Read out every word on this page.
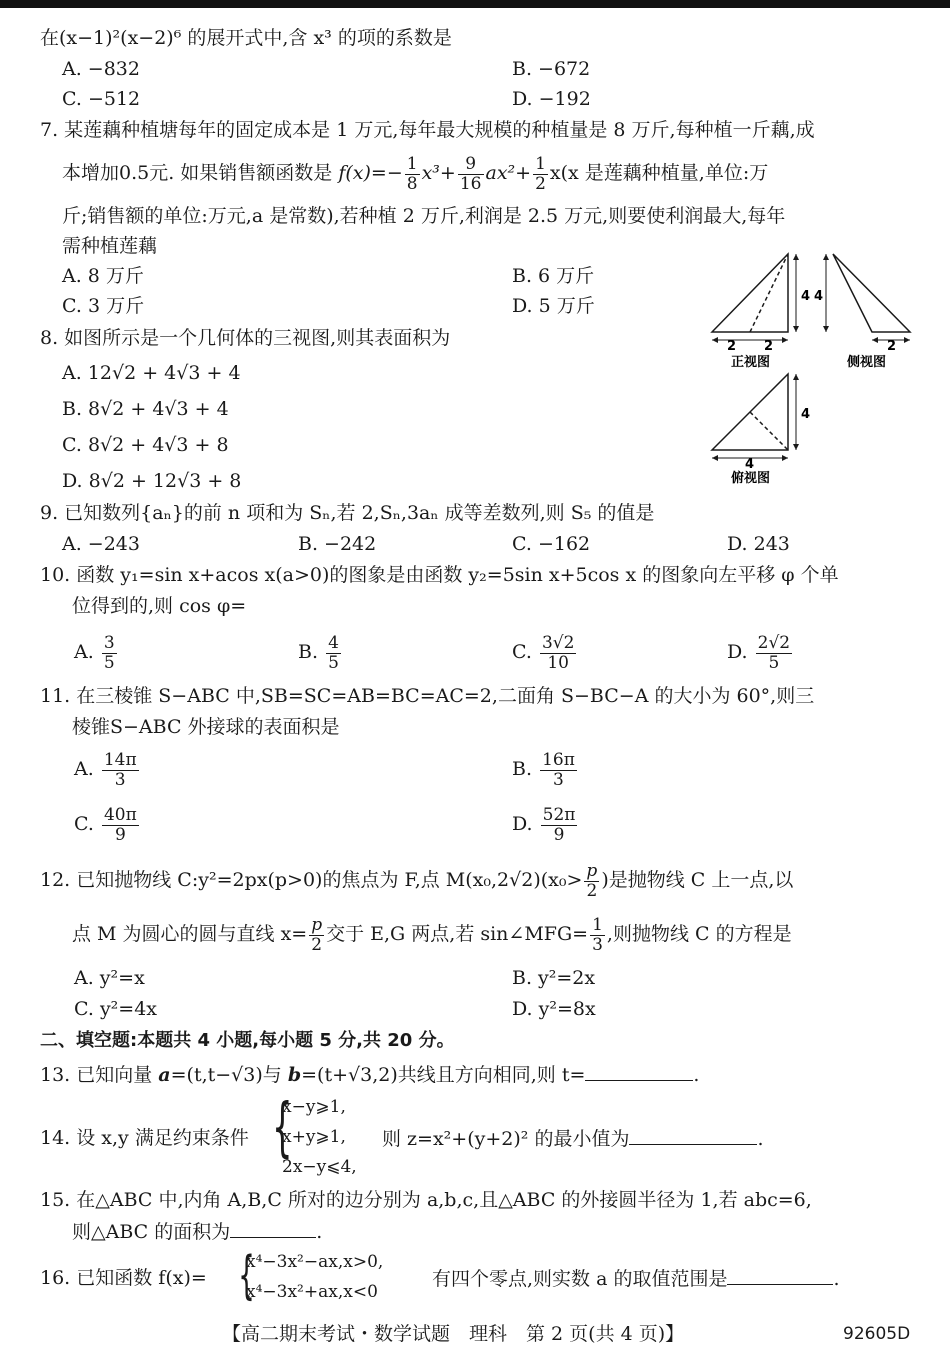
在(x−1)²(x−2)⁶ 的展开式中,含 x³ 的项的系数是
A. −832	B. −672
C. −512	D. −192
7. 某莲藕种植塘每年的固定成本是 1 万元,每年最大规模的种植量是 8 万斤,每种植一斤藕,成
本增加0.5元. 如果销售额函数是 $f(x)=- \frac{1}{8} x^3+ \frac{9}{16} ax^2+ \frac{1}{2} x(x$ 是莲藕种植量,单位:万
斤;销售额的单位:万元,a 是常数),若种植 2 万斤,利润是 2.5 万元,则要使利润最大,每年
需种植莲藕
A. 8 万斤	B. 6 万斤
C. 3 万斤	D. 5 万斤
8. 如图所示是一个几何体的三视图,则其表面积为
A. 12√2 + 4√3 + 4
B. 8√2 + 4√3 + 4
C. 8√2 + 4√3 + 8
D. 8√2 + 12√3 + 8
2 2
4
正视图
4
2
侧视图
4
4
俯视图
9. 已知数列{aₙ}的前 n 项和为 Sₙ,若 2,Sₙ,3aₙ 成等差数列,则 S₅ 的值是
A. −243	B. −242	C. −162	D. 243
10. 函数 y₁=sin x+acos x(a>0)的图象是由函数 y₂=5sin x+5cos x 的图象向左平移 φ 个单
位得到的,则 cos φ=
A. $\frac{3}{5}$	B. $\frac{4}{5}$	C. $\frac{3√2}{10}$	D. $\frac{2√2}{5}$
11. 在三棱锥 S−ABC 中,SB=SC=AB=BC=AC=2,二面角 S−BC−A 的大小为 60°,则三
棱锥S−ABC 外接球的表面积是
A. $\frac{14\pi}{3}$	B. $\frac{16\pi}{3}$
C. $\frac{40\pi}{9}$	D. $\frac{52\pi}{9}$
12. 已知抛物线 C:y²=2px(p>0)的焦点为 F,点 $M(x_0,2√2)(x_0> \frac{p}{2}$ )是抛物线 C 上一点,以
点 M 为圆心的圆与直线 $x= \frac{p}{2}$ 交于 E,G 两点,若 sin∠MFG= $\frac{1}{3}$ ,则抛物线 C 的方程是
A. y²=x	B. y²=2x
C. y²=4x	D. y²=8x
二、填空题:本题共 4 小题,每小题 5 分,共 20 分。
13. 已知向量 a=(t,t−√3)与 b=(t+√3,2)共线且方向相同,则 t=	.
14. 设 x,y 满足约束条件 {
x−y⩾1,
x+y⩾1,
2x−y⩽4,
则 z=x²+(y+2)² 的最小值为	.
15. 在△ABC 中,内角 A,B,C 所对的边分别为 a,b,c,且△ABC 的外接圆半径为 1,若 abc=6,
则△ABC 的面积为	.
16. 已知函数 f(x)= {
x⁴−3x²−ax,x>0,
x⁴−3x²+ax,x<0
有四个零点,则实数 a 的取值范围是	.
【高二期末考试・数学试题　理科　第 2 页(共 4 页)】	92605D
